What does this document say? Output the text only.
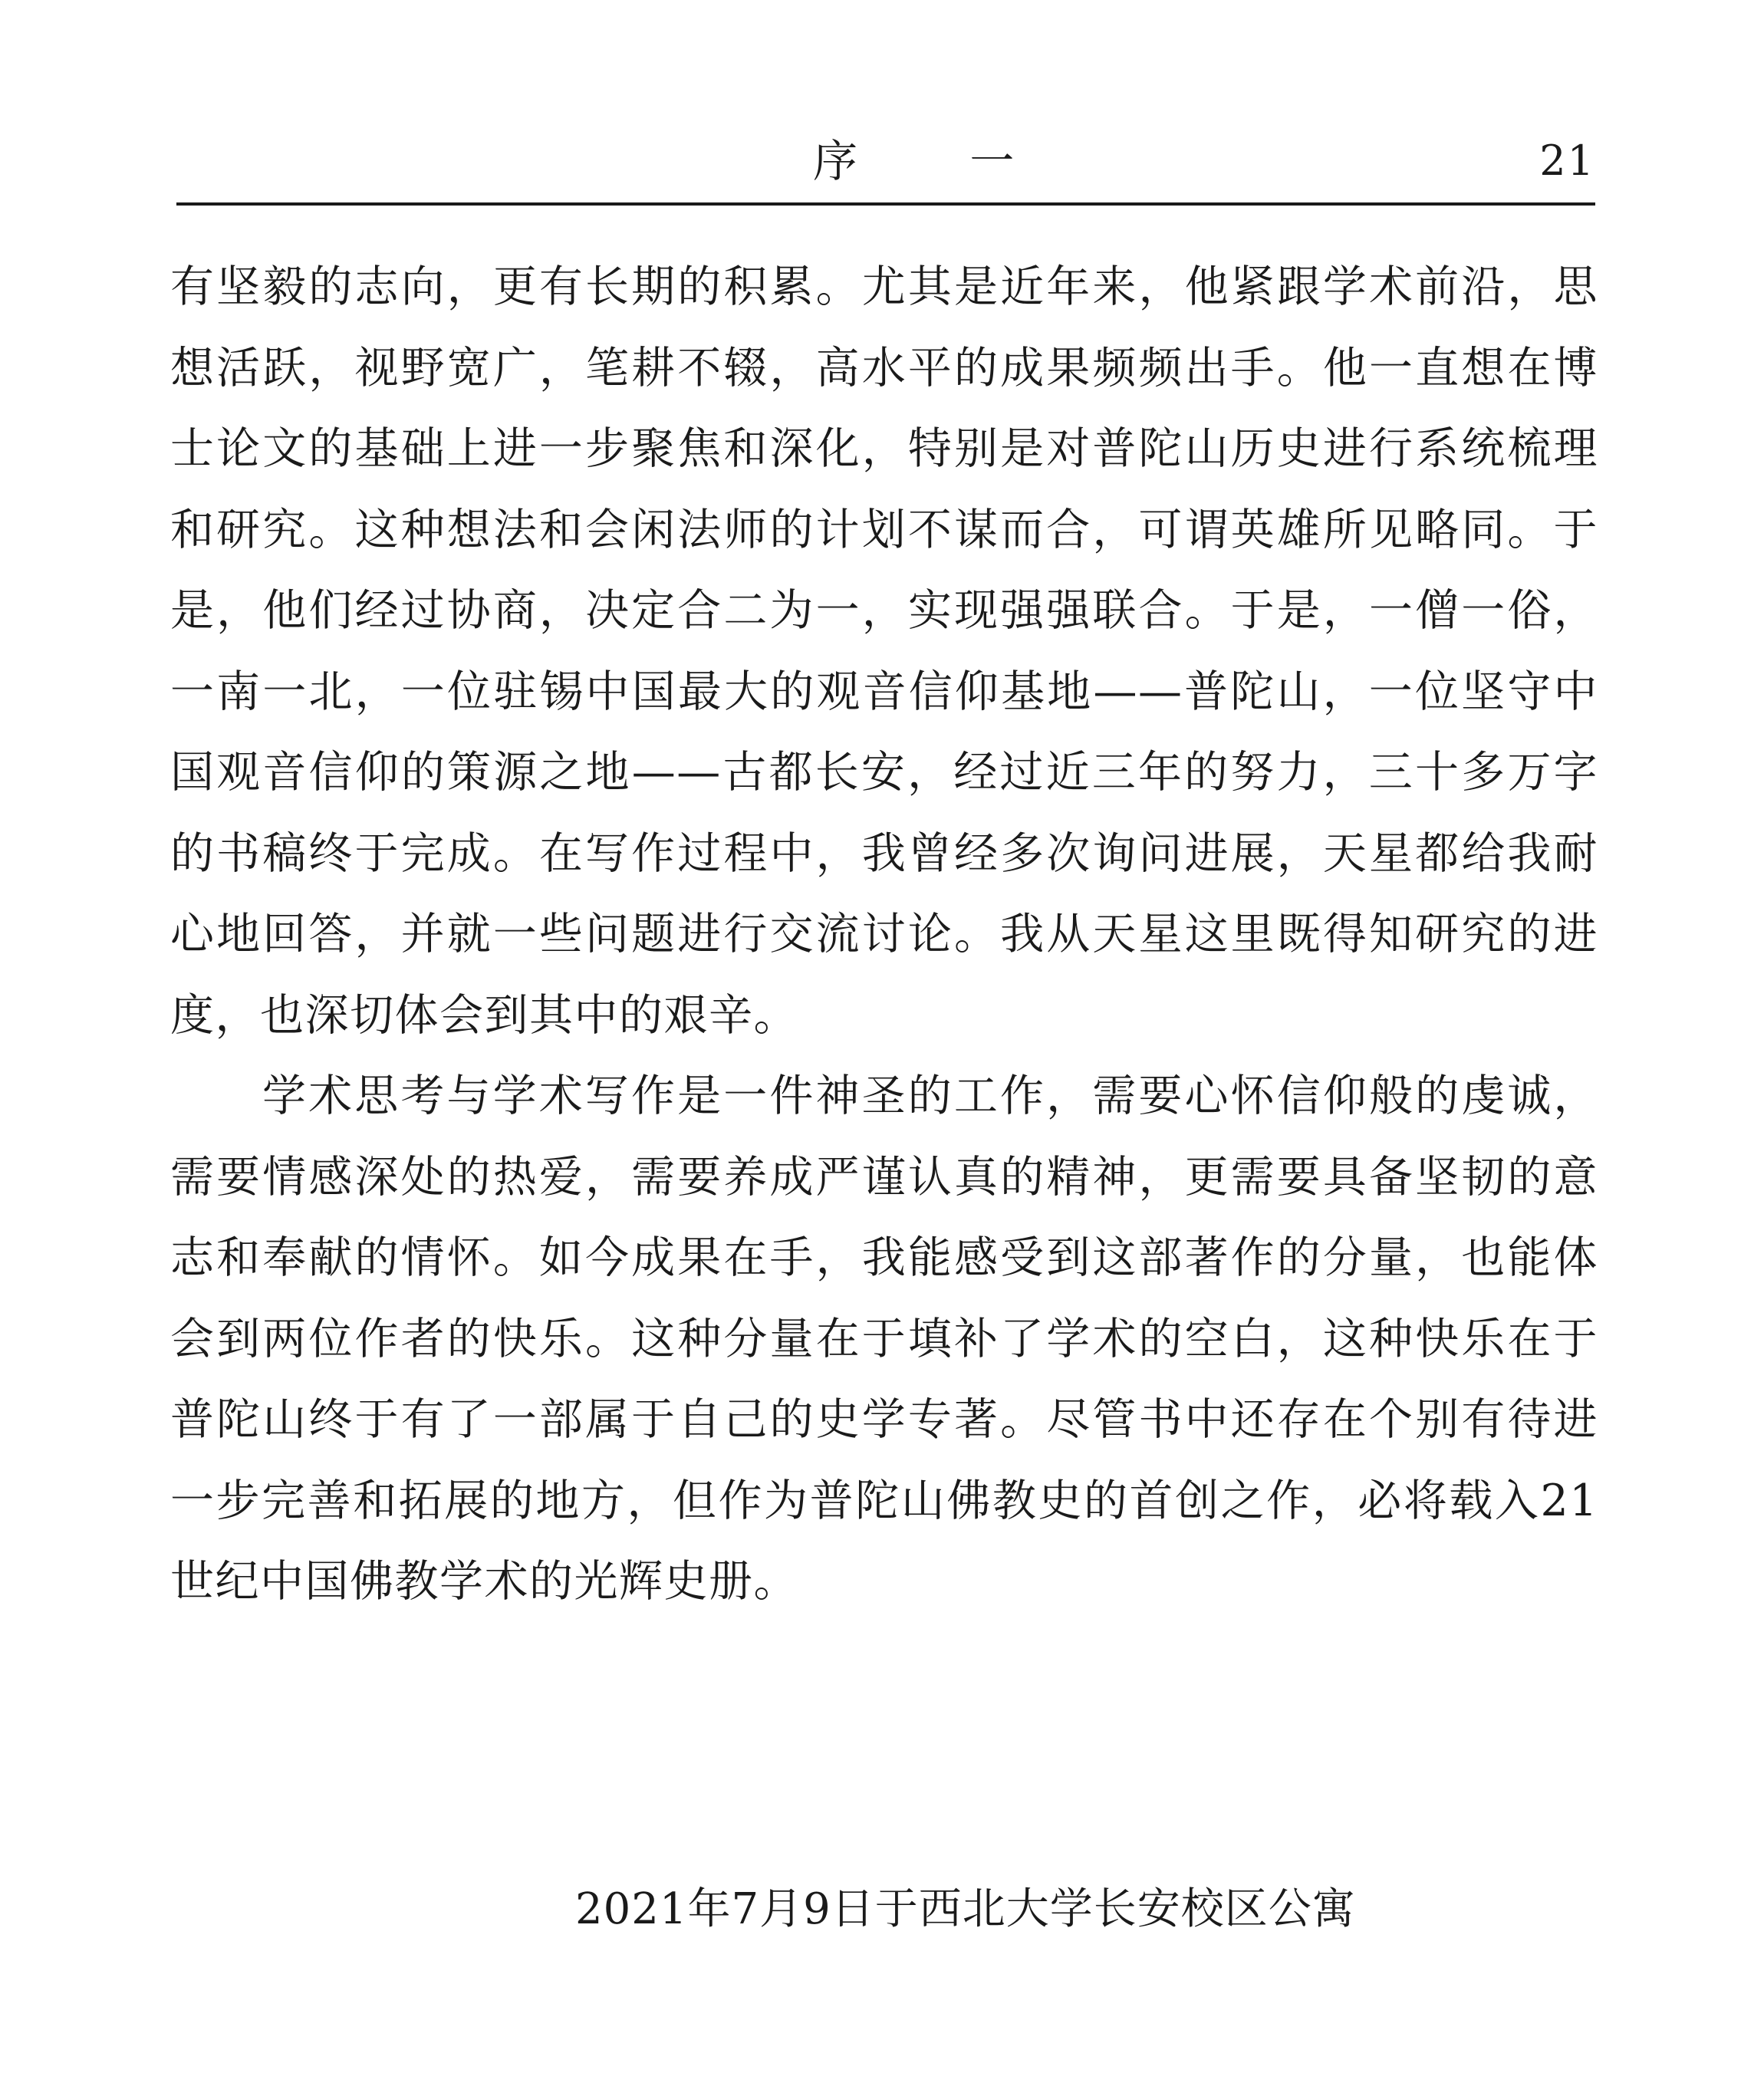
序 一	21

有坚毅的志向，更有长期的积累。尤其是近年来，他紧跟学术前沿，思想活跃，视野宽广，笔耕不辍，高水平的成果频频出手。他一直想在博士论文的基础上进一步聚焦和深化，特别是对普陀山历史进行系统梳理和研究。这种想法和会闲法师的计划不谋而合，可谓英雄所见略同。于是，他们经过协商，决定合二为一，实现强强联合。于是，一僧一俗，一南一北，一位驻锡中国最大的观音信仰基地——普陀山，一位坚守中国观音信仰的策源之地——古都长安，经过近三年的努力，三十多万字的书稿终于完成。在写作过程中，我曾经多次询问进展，天星都给我耐心地回答，并就一些问题进行交流讨论。我从天星这里既得知研究的进度，也深切体会到其中的艰辛。

学术思考与学术写作是一件神圣的工作，需要心怀信仰般的虔诚，需要情感深处的热爱，需要养成严谨认真的精神，更需要具备坚韧的意志和奉献的情怀。如今成果在手，我能感受到这部著作的分量，也能体会到两位作者的快乐。这种分量在于填补了学术的空白，这种快乐在于普陀山终于有了一部属于自己的史学专著。尽管书中还存在个别有待进一步完善和拓展的地方，但作为普陀山佛教史的首创之作，必将载入21世纪中国佛教学术的光辉史册。

2021年7月9日于西北大学长安校区公寓
